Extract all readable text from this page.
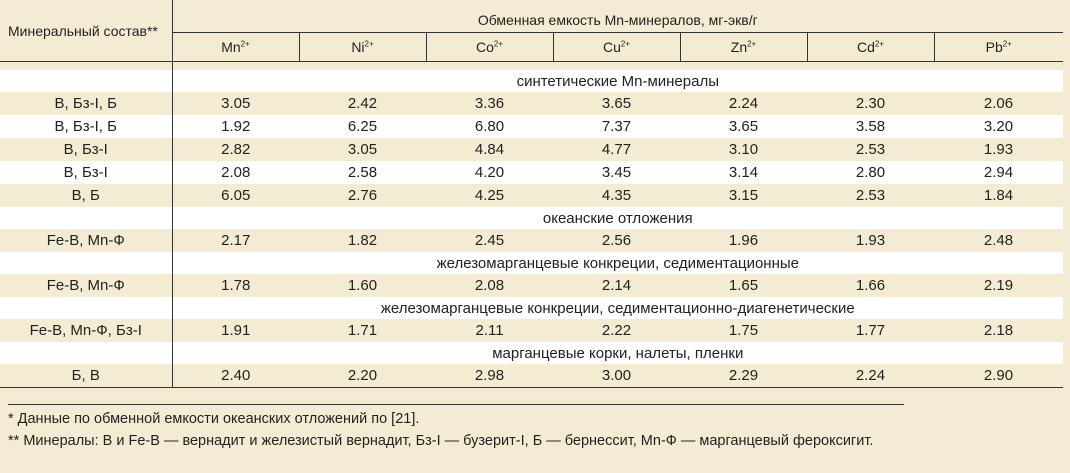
Минеральный состав**	Обменная емкость Mn-минералов, мг-экв/г						
	$Mn^{2+}$	$Ni^{2+}$	$Co^{2+}$	$Cu^{2+}$	$Zn^{2+}$	$Cd^{2+}$	$Pb^{2+}$

	синтетические Mn-минералы						
В, Бз-I, Б	3.05	2.42	3.36	3.65	2.24	2.30	2.06
В, Бз-I, Б	1.92	6.25	6.80	7.37	3.65	3.58	3.20
В, Бз-I	2.82	3.05	4.84	4.77	3.10	2.53	1.93
В, Бз-I	2.08	2.58	4.20	3.45	3.14	2.80	2.94
В, Б	6.05	2.76	4.25	4.35	3.15	2.53	1.84
	океанские отложения						
Fe-B, Mn-Ф	2.17	1.82	2.45	2.56	1.96	1.93	2.48
	железомарганцевые конкреции, седиментационные						
Fe-B, Mn-Ф	1.78	1.60	2.08	2.14	1.65	1.66	2.19
	железомарганцевые конкреции, седиментационно-диагенетические						
Fe-B, Mn-Ф, Бз-I	1.91	1.71	2.11	2.22	1.75	1.77	2.18
	марганцевые корки, налеты, пленки						
Б, В	2.40	2.20	2.98	3.00	2.29	2.24	2.90
* Данные по обменной емкости океанских отложений по [21].
** Минералы: В и Fe-B — вернадит и железистый вернадит, Бз-I — бузерит-I, Б — бернессит, Mn-Ф — марганцевый ферoксигит.
